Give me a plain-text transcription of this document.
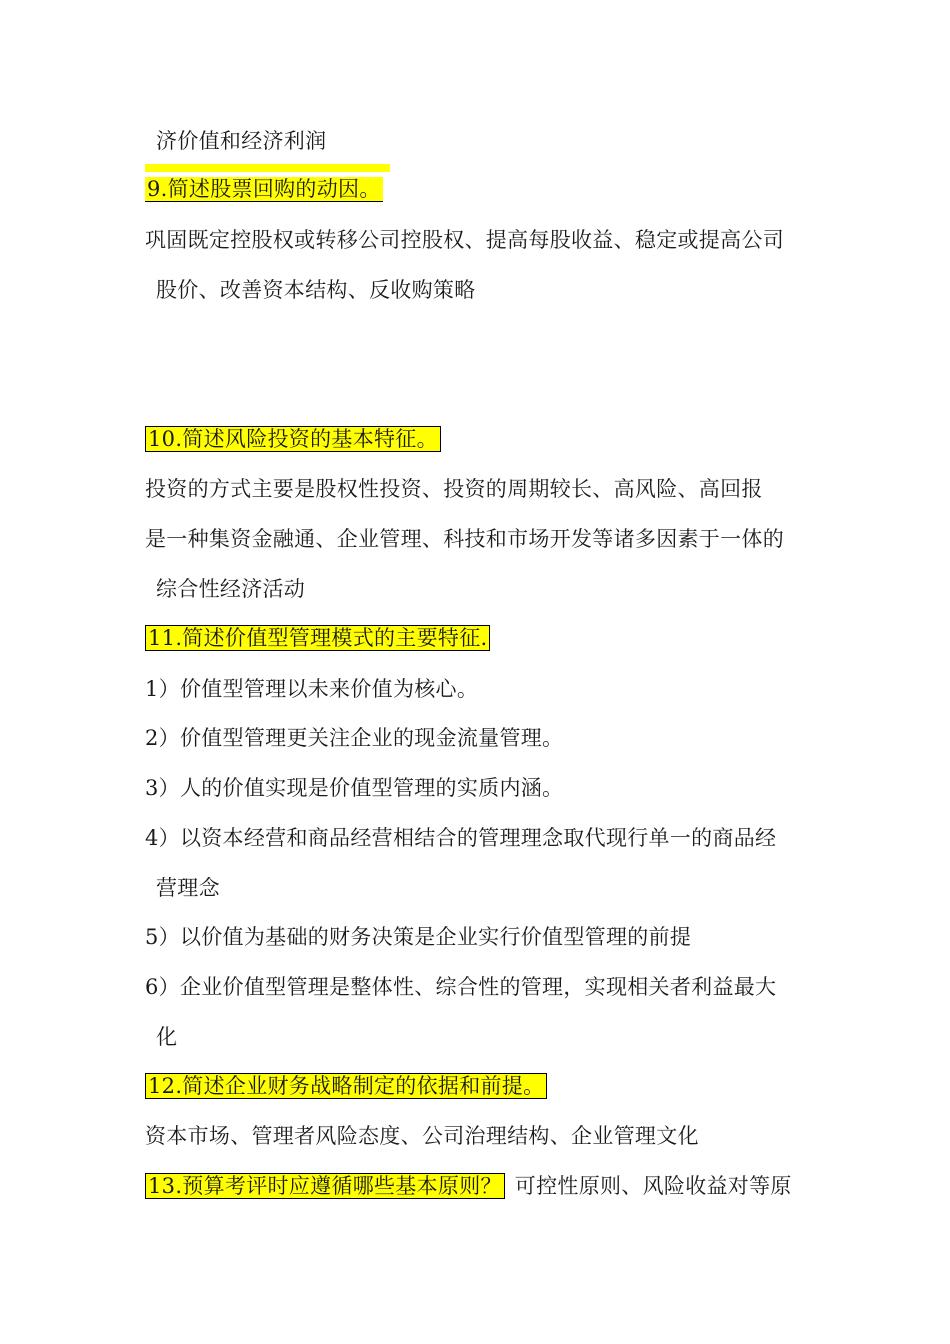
济价值和经济利润
9.简述股票回购的动因。
巩固既定控股权或转移公司控股权、提高每股收益、稳定或提高公司
股价、改善资本结构、反收购策略
10.简述风险投资的基本特征。
投资的方式主要是股权性投资、投资的周期较长、高风险、高回报
是一种集资金融通、企业管理、科技和市场开发等诸多因素于一体的
综合性经济活动
11.简述价值型管理模式的主要特征.
1）价值型管理以未来价值为核心。
2）价值型管理更关注企业的现金流量管理。
3）人的价值实现是价值型管理的实质内涵。
4）以资本经营和商品经营相结合的管理理念取代现行单一的商品经
营理念
5）以价值为基础的财务决策是企业实行价值型管理的前提
6）企业价值型管理是整体性、综合性的管理，实现相关者利益最大
化
12.简述企业财务战略制定的依据和前提。
资本市场、管理者风险态度、公司治理结构、企业管理文化
13.预算考评时应遵循哪些基本原则？ 可控性原则、风险收益对等原
